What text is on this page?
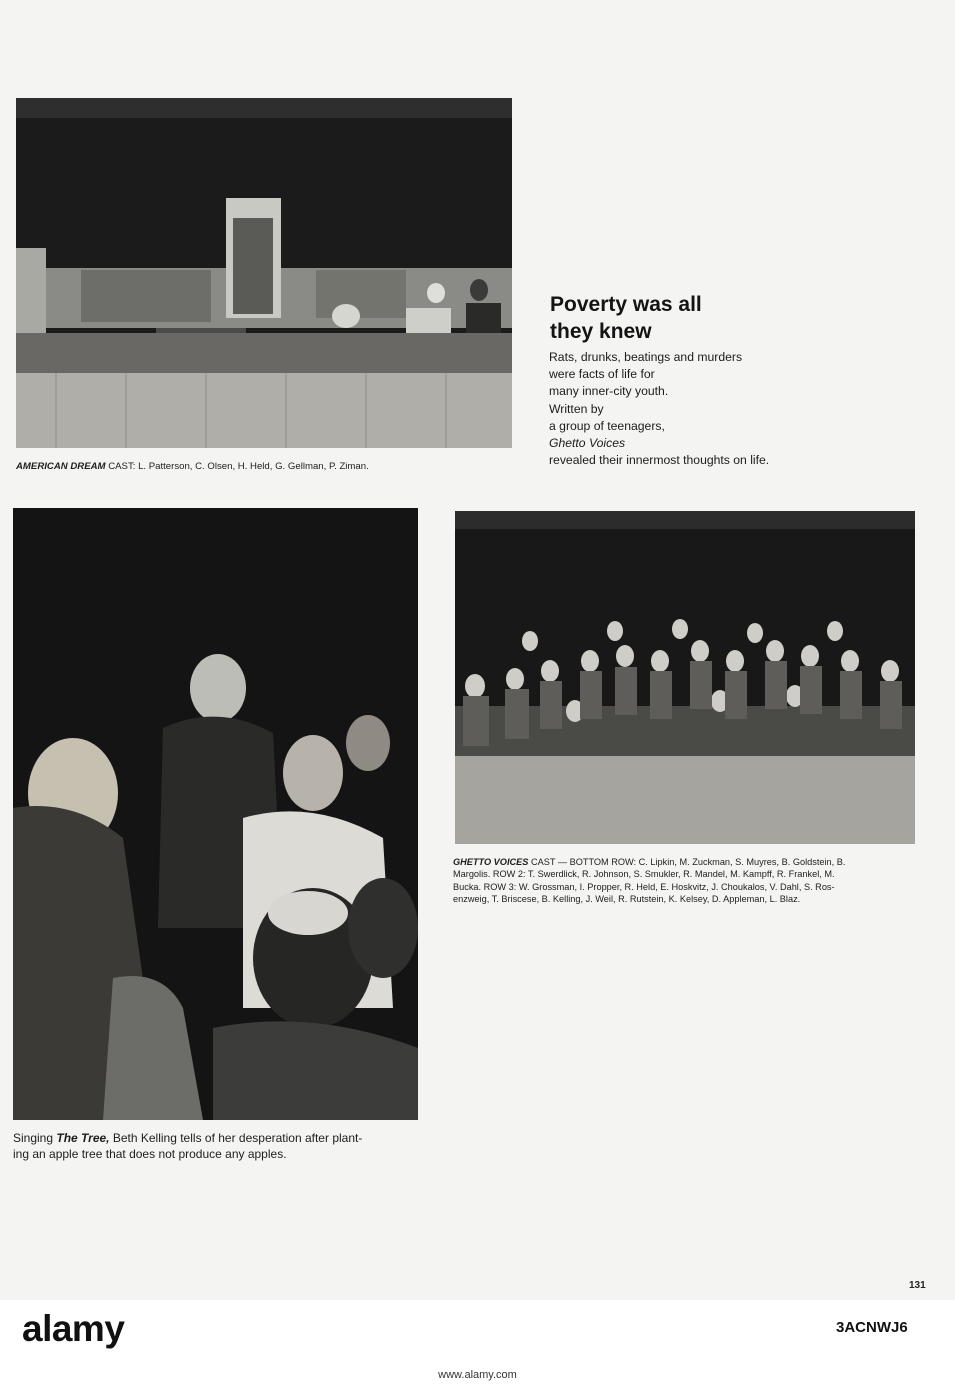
AMERICAN DREAM CAST: L. Patterson, C. Olsen, H. Held, G. Gellman, P. Ziman.
Poverty was all
they knew
Rats, drunks, beatings and murders
were facts of life for
many inner-city youth.
Written by
a group of teenagers,
Ghetto Voices
revealed their innermost thoughts on life.
Singing The Tree, Beth Kelling tells of her desperation after plant-
ing an apple tree that does not produce any apples.
GHETTO VOICES CAST — BOTTOM ROW: C. Lipkin, M. Zuckman, S. Muyres, B. Goldstein, B.
Margolis. ROW 2: T. Swerdlick, R. Johnson, S. Smukler, R. Mandel, M. Kampff, R. Frankel, M.
Bucka. ROW 3: W. Grossman, I. Propper, R. Held, E. Hoskvitz, J. Choukalos, V. Dahl, S. Ros-
enzweig, T. Briscese, B. Kelling, J. Weil, R. Rutstein, K. Kelsey, D. Appleman, L. Blaz.
131
alamy	3ACNWJ6
www.alamy.com
